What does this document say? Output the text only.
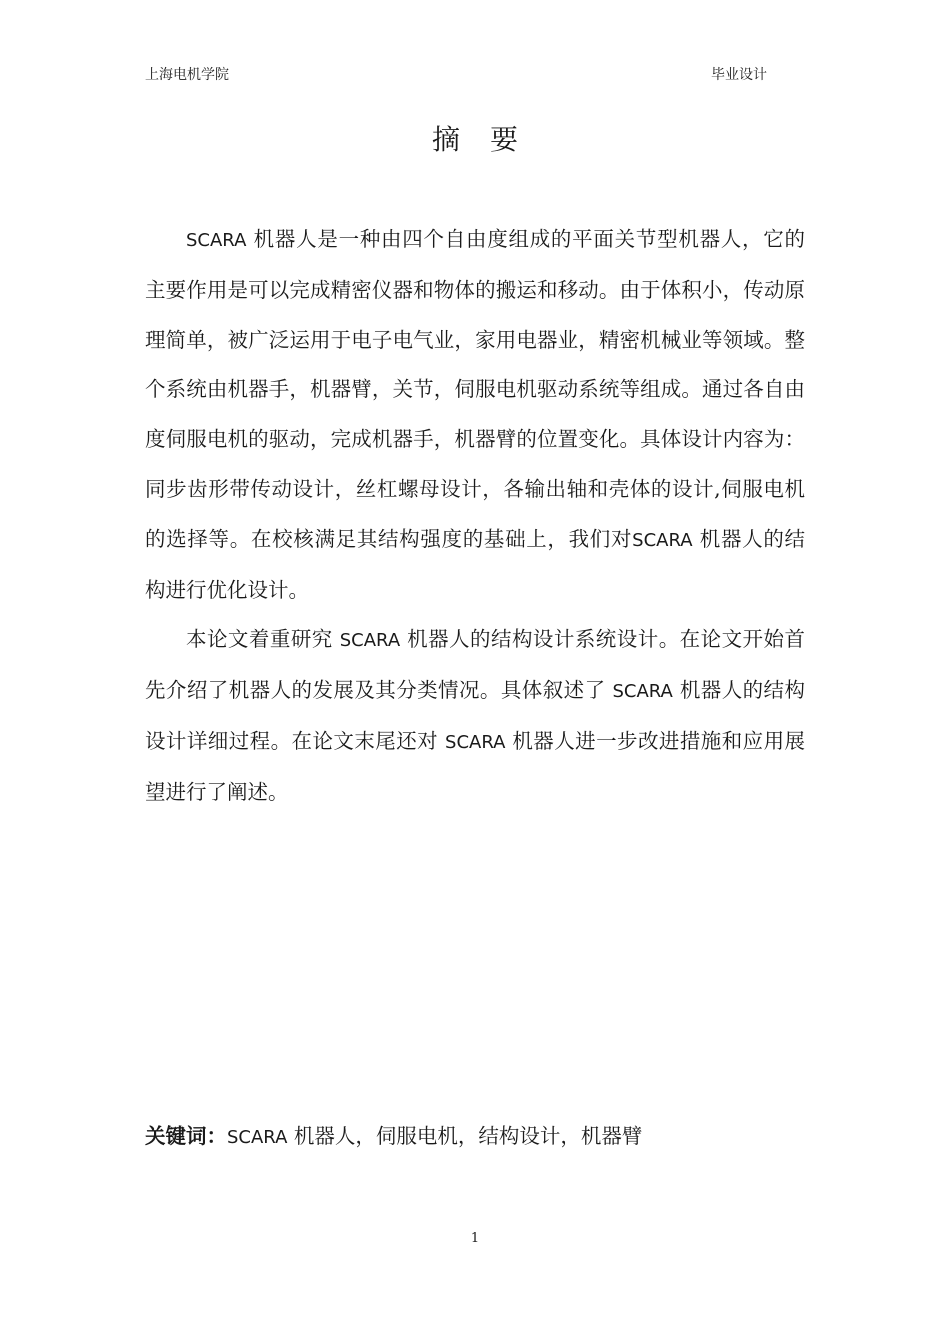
上海电机学院	毕业设计
摘要

SCARA 机器人是一种由四个自由度组成的平面关节型机器人，它的主要作用是可以完成精密仪器和物体的搬运和移动。由于体积小，传动原理简单，被广泛运用于电子电气业，家用电器业，精密机械业等领域。整个系统由机器手，机器臂，关节，伺服电机驱动系统等组成。通过各自由度伺服电机的驱动，完成机器手，机器臂的位置变化。具体设计内容为：同步齿形带传动设计，丝杠螺母设计，各输出轴和壳体的设计,伺服电机的选择等。在校核满足其结构强度的基础上，我们对SCARA 机器人的结构进行优化设计。

本论文着重研究 SCARA 机器人的结构设计系统设计。在论文开始首先介绍了机器人的发展及其分类情况。具体叙述了 SCARA 机器人的结构设计详细过程。在论文末尾还对 SCARA 机器人进一步改进措施和应用展望进行了阐述。

关键词：SCARA 机器人，伺服电机，结构设计，机器臂
1
